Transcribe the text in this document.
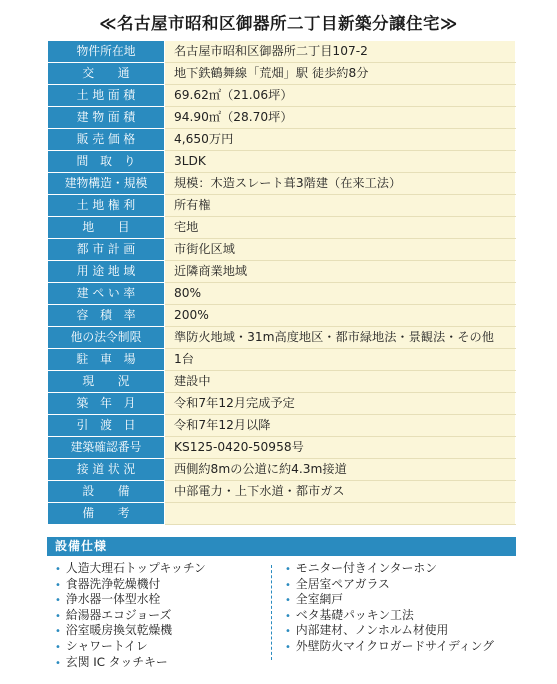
≪名古屋市昭和区御器所二丁目新築分譲住宅≫
物件所在地	名古屋市昭和区御器所二丁目107-2
交　　通	地下鉄鶴舞線「荒畑」駅 徒歩約8分
土 地 面 積	69.62㎡（21.06坪）
建 物 面 積	94.90㎡（28.70坪）
販 売 価 格	4,650万円
間　取　り	3LDK
建物構造・規模	規模：木造スレート葺3階建（在来工法）
土 地 権 利	所有権
地　　目	宅地
都 市 計 画	市街化区域
用 途 地 域	近隣商業地域
建 ぺ い 率	80%
容　積　率	200%
他の法令制限	準防火地域・31m高度地区・都市緑地法・景観法・その他
駐　車　場	1台
現　　況	建設中
築　年　月	令和7年12月完成予定
引　渡　日	令和7年12月以降
建築確認番号	KS125-0420-50958号
接 道 状 況	西側約8mの公道に約4.3m接道
設　　備	中部電力・上下水道・都市ガス
備　　考	
設備仕様
• 人造大理石トップキッチン
• 食器洗浄乾燥機付
• 浄水器一体型水栓
• 給湯器エコジョーズ
• 浴室暖房換気乾燥機
• シャワートイレ
• 玄関 IC タッチキー
• モニター付きインターホン
• 全居室ペアガラス
• 全室網戸
• ベタ基礎パッキン工法
• 内部建材、ノンホルム材使用
• 外壁防火マイクロガードサイディング
